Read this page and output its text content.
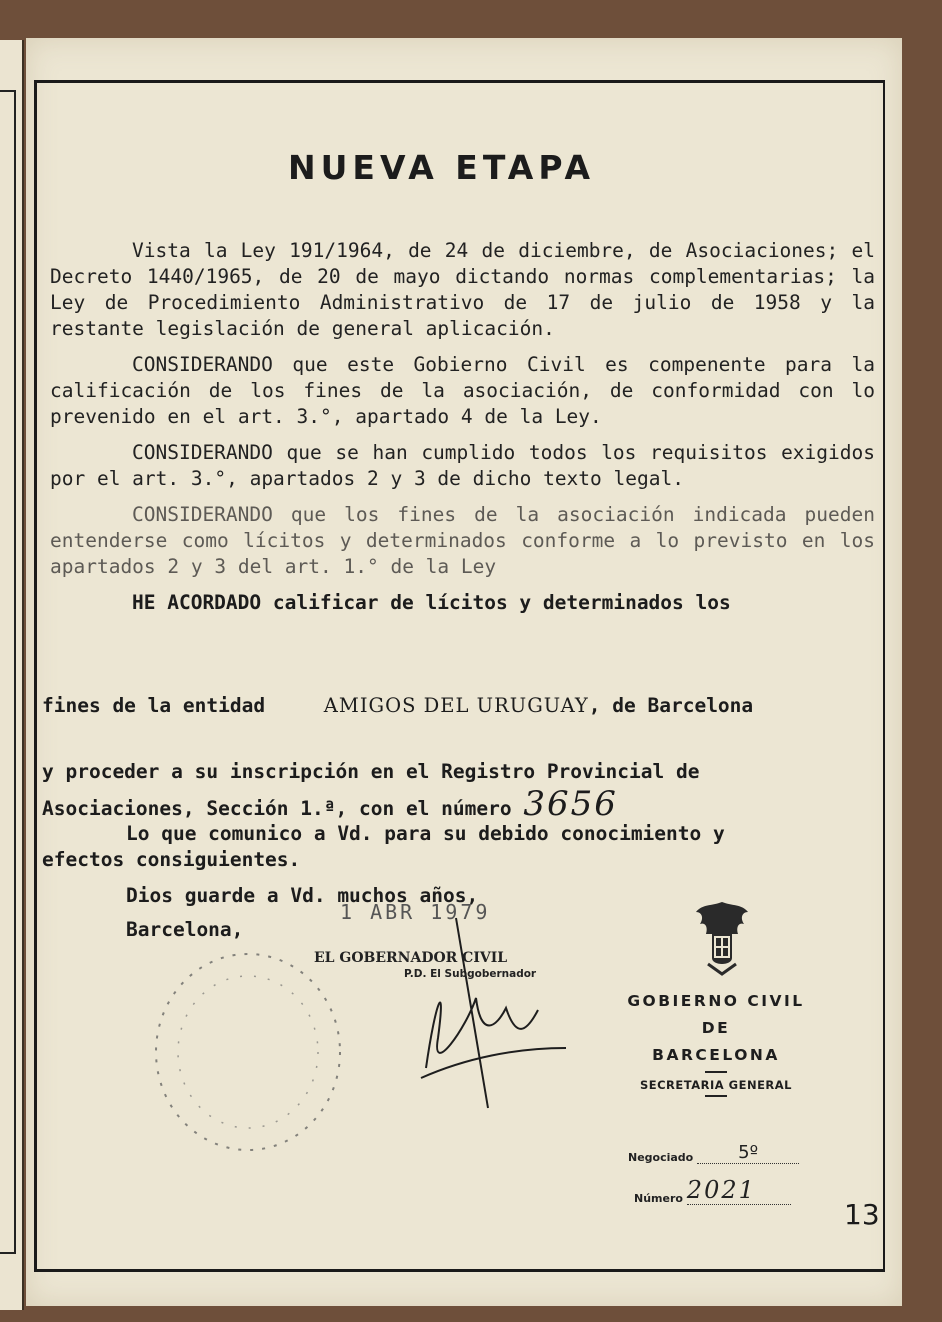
NUEVA ETAPA

Vista la Ley 191/1964, de 24 de diciembre, de Asociaciones; el Decreto 1440/1965, de 20 de mayo dictando normas complementarias; la Ley de Procedimiento Administrativo de 17 de julio de 1958 y la restante legislación de general aplicación.

CONSIDERANDO que este Gobierno Civil es compenente para la calificación de los fines de la asociación, de conformidad con lo prevenido en el art. 3.°, apartado 4 de la Ley.

CONSIDERANDO que se han cumplido todos los requisitos exigidos por el art. 3.°, apartados 2 y 3 de dicho texto legal.

CONSIDERANDO que los fines de la asociación indicada pueden entenderse como lícitos y determinados conforme a lo previsto en los apartados 2 y 3 del art. 1.° de la Ley

HE ACORDADO calificar de lícitos y determinados los

fines de la entidad	AMIGOS DEL URUGUAY, de Barcelona
y proceder a su inscripción en el Registro Provincial de
Asociaciones, Sección 1.ª, con el número 3656
Lo que comunico a Vd. para su debido conocimiento y
efectos consiguientes.
Dios guarde a Vd. muchos años,
Barcelona,
1 ABR 1979
EL GOBERNADOR CIVIL
P.D. El Subgobernador
GOBIERNO CIVIL
DE
BARCELONA
SECRETARIA GENERAL
Negociado 5º
Número 2021
13
